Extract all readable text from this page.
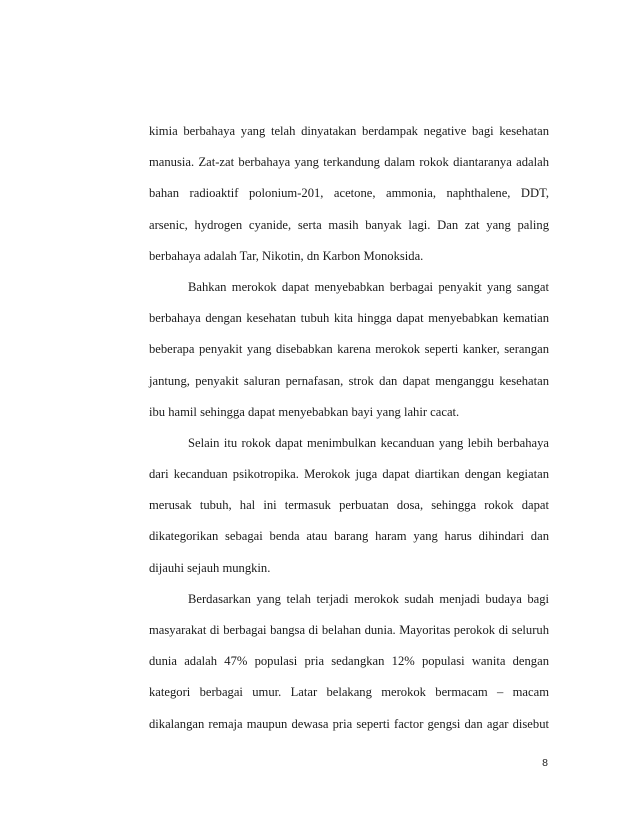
kimia berbahaya yang telah dinyatakan berdampak negative bagi kesehatan
manusia. Zat-zat berbahaya yang terkandung dalam rokok diantaranya adalah
bahan radioaktif polonium-201, acetone, ammonia, naphthalene, DDT,
arsenic, hydrogen cyanide, serta masih banyak lagi. Dan zat yang paling
berbahaya adalah Tar, Nikotin, dn Karbon Monoksida.
Bahkan merokok dapat menyebabkan berbagai penyakit yang sangat
berbahaya dengan kesehatan tubuh kita hingga dapat menyebabkan kematian
beberapa penyakit yang disebabkan karena merokok seperti kanker, serangan
jantung, penyakit saluran pernafasan, strok dan dapat menganggu kesehatan
ibu hamil sehingga dapat menyebabkan bayi yang lahir cacat.
Selain itu rokok dapat menimbulkan kecanduan yang lebih berbahaya
dari kecanduan psikotropika. Merokok juga dapat diartikan dengan kegiatan
merusak tubuh, hal ini termasuk perbuatan dosa, sehingga rokok dapat
dikategorikan sebagai benda atau barang haram yang harus dihindari dan
dijauhi sejauh mungkin.
Berdasarkan yang telah terjadi merokok sudah menjadi budaya bagi
masyarakat di berbagai bangsa di belahan dunia. Mayoritas perokok di seluruh
dunia adalah 47% populasi pria sedangkan 12% populasi wanita dengan
kategori berbagai umur. Latar belakang merokok bermacam – macam
dikalangan remaja maupun dewasa pria seperti factor gengsi dan agar disebut
8
